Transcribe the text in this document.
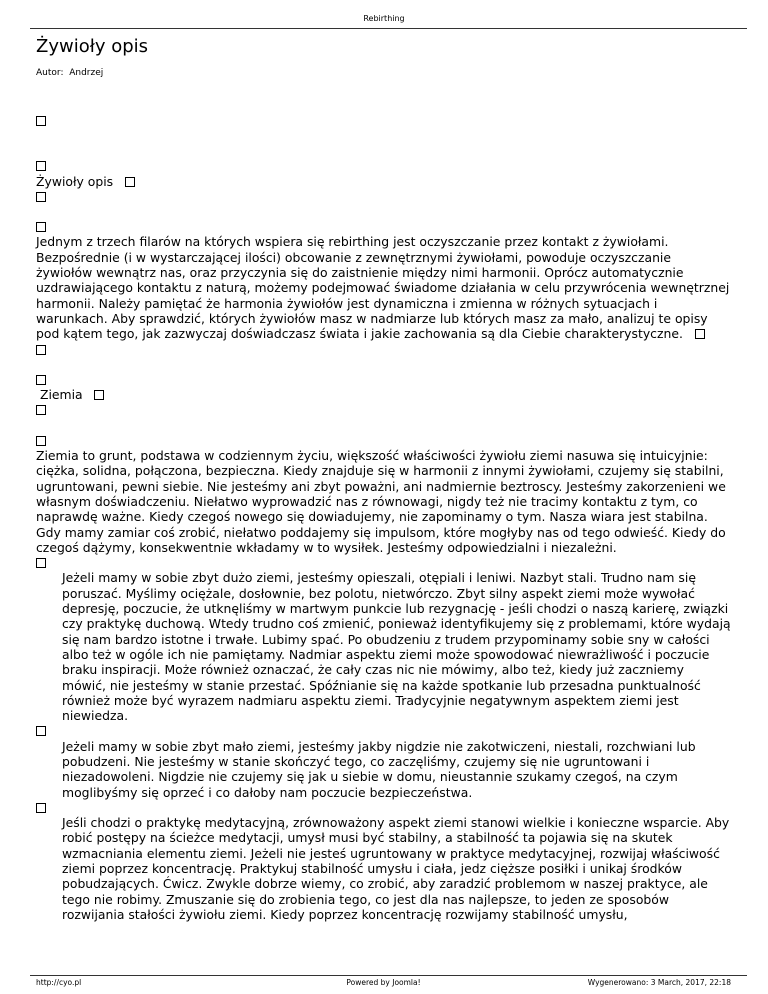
Rebirthing
Żywioły opis
Autor: Andrzej
Żywioły opis
Jednym z trzech filarów na których wspiera się rebirthing jest oczyszczanie przez kontakt z żywiołami. Bezpośrednie (i w wystarczającej ilości) obcowanie z zewnętrznymi żywiołami, powoduje oczyszczanie żywiołów wewnątrz nas, oraz przyczynia się do zaistnienie między nimi harmonii. Oprócz automatycznie uzdrawiającego kontaktu z naturą, możemy podejmować świadome działania w celu przywrócenia wewnętrznej harmonii. Należy pamiętać że harmonia żywiołów jest dynamiczna i zmienna w różnych sytuacjach i warunkach. Aby sprawdzić, których żywiołów masz w nadmiarze lub których masz za mało, analizuj te opisy pod kątem tego, jak zazwyczaj doświadczasz świata i jakie zachowania są dla Ciebie charakterystyczne.
Ziemia
Ziemia to grunt, podstawa w codziennym życiu, większość właściwości żywiołu ziemi nasuwa się intuicyjnie: ciężka, solidna, połączona, bezpieczna. Kiedy znajduje się w harmonii z innymi żywiołami, czujemy się stabilni, ugruntowani, pewni siebie. Nie jesteśmy ani zbyt poważni, ani nadmiernie beztroscy. Jesteśmy zakorzenieni we własnym doświadczeniu. Niełatwo wyprowadzić nas z równowagi, nigdy też nie tracimy kontaktu z tym, co naprawdę ważne. Kiedy czegoś nowego się dowiadujemy, nie zapominamy o tym. Nasza wiara jest stabilna. Gdy mamy zamiar coś zrobić, niełatwo poddajemy się impulsom, które mogłyby nas od tego odwieść. Kiedy do czegoś dążymy, konsekwentnie wkładamy w to wysiłek. Jesteśmy odpowiedzialni i niezależni.
Jeżeli mamy w sobie zbyt dużo ziemi, jesteśmy opieszali, otępiali i leniwi. Nazbyt stali. Trudno nam się poruszać. Myślimy ociężale, dosłownie, bez polotu, nietwórczo. Zbyt silny aspekt ziemi może wywołać depresję, poczucie, że utknęliśmy w martwym punkcie lub rezygnację - jeśli chodzi o naszą karierę, związki czy praktykę duchową. Wtedy trudno coś zmienić, ponieważ identyfikujemy się z problemami, które wydają się nam bardzo istotne i trwałe. Lubimy spać. Po obudzeniu z trudem przypominamy sobie sny w całości albo też w ogóle ich nie pamiętamy. Nadmiar aspektu ziemi może spowodować niewrażliwość i poczucie braku inspiracji. Może również oznaczać, że cały czas nic nie mówimy, albo też, kiedy już zaczniemy mówić, nie jesteśmy w stanie przestać. Spóźnianie się na każde spotkanie lub przesadna punktualność również może być wyrazem nadmiaru aspektu ziemi. Tradycyjnie negatywnym aspektem ziemi jest niewiedza.
Jeżeli mamy w sobie zbyt mało ziemi, jesteśmy jakby nigdzie nie zakotwiczeni, niestali, rozchwiani lub pobudzeni. Nie jesteśmy w stanie skończyć tego, co zaczęliśmy, czujemy się nie ugruntowani i niezadowoleni. Nigdzie nie czujemy się jak u siebie w domu, nieustannie szukamy czegoś, na czym moglibyśmy się oprzeć i co dałoby nam poczucie bezpieczeństwa.
Jeśli chodzi o praktykę medytacyjną, zrównoważony aspekt ziemi stanowi wielkie i konieczne wsparcie. Aby robić postępy na ścieżce medytacji, umysł musi być stabilny, a stabilność ta pojawia się na skutek wzmacniania elementu ziemi. Jeżeli nie jesteś ugruntowany w praktyce medytacyjnej, rozwijaj właściwość ziemi poprzez koncentrację. Praktykuj stabilność umysłu i ciała, jedz cięższe posiłki i unikaj środków pobudzających. Ćwicz. Zwykle dobrze wiemy, co zrobić, aby zaradzić problemom w naszej praktyce, ale tego nie robimy. Zmuszanie się do zrobienia tego, co jest dla nas najlepsze, to jeden ze sposobów rozwijania stałości żywiołu ziemi. Kiedy poprzez koncentrację rozwijamy stabilność umysłu,
http://cyo.pl	Powered by Joomla!	Wygenerowano: 3 March, 2017, 22:18
